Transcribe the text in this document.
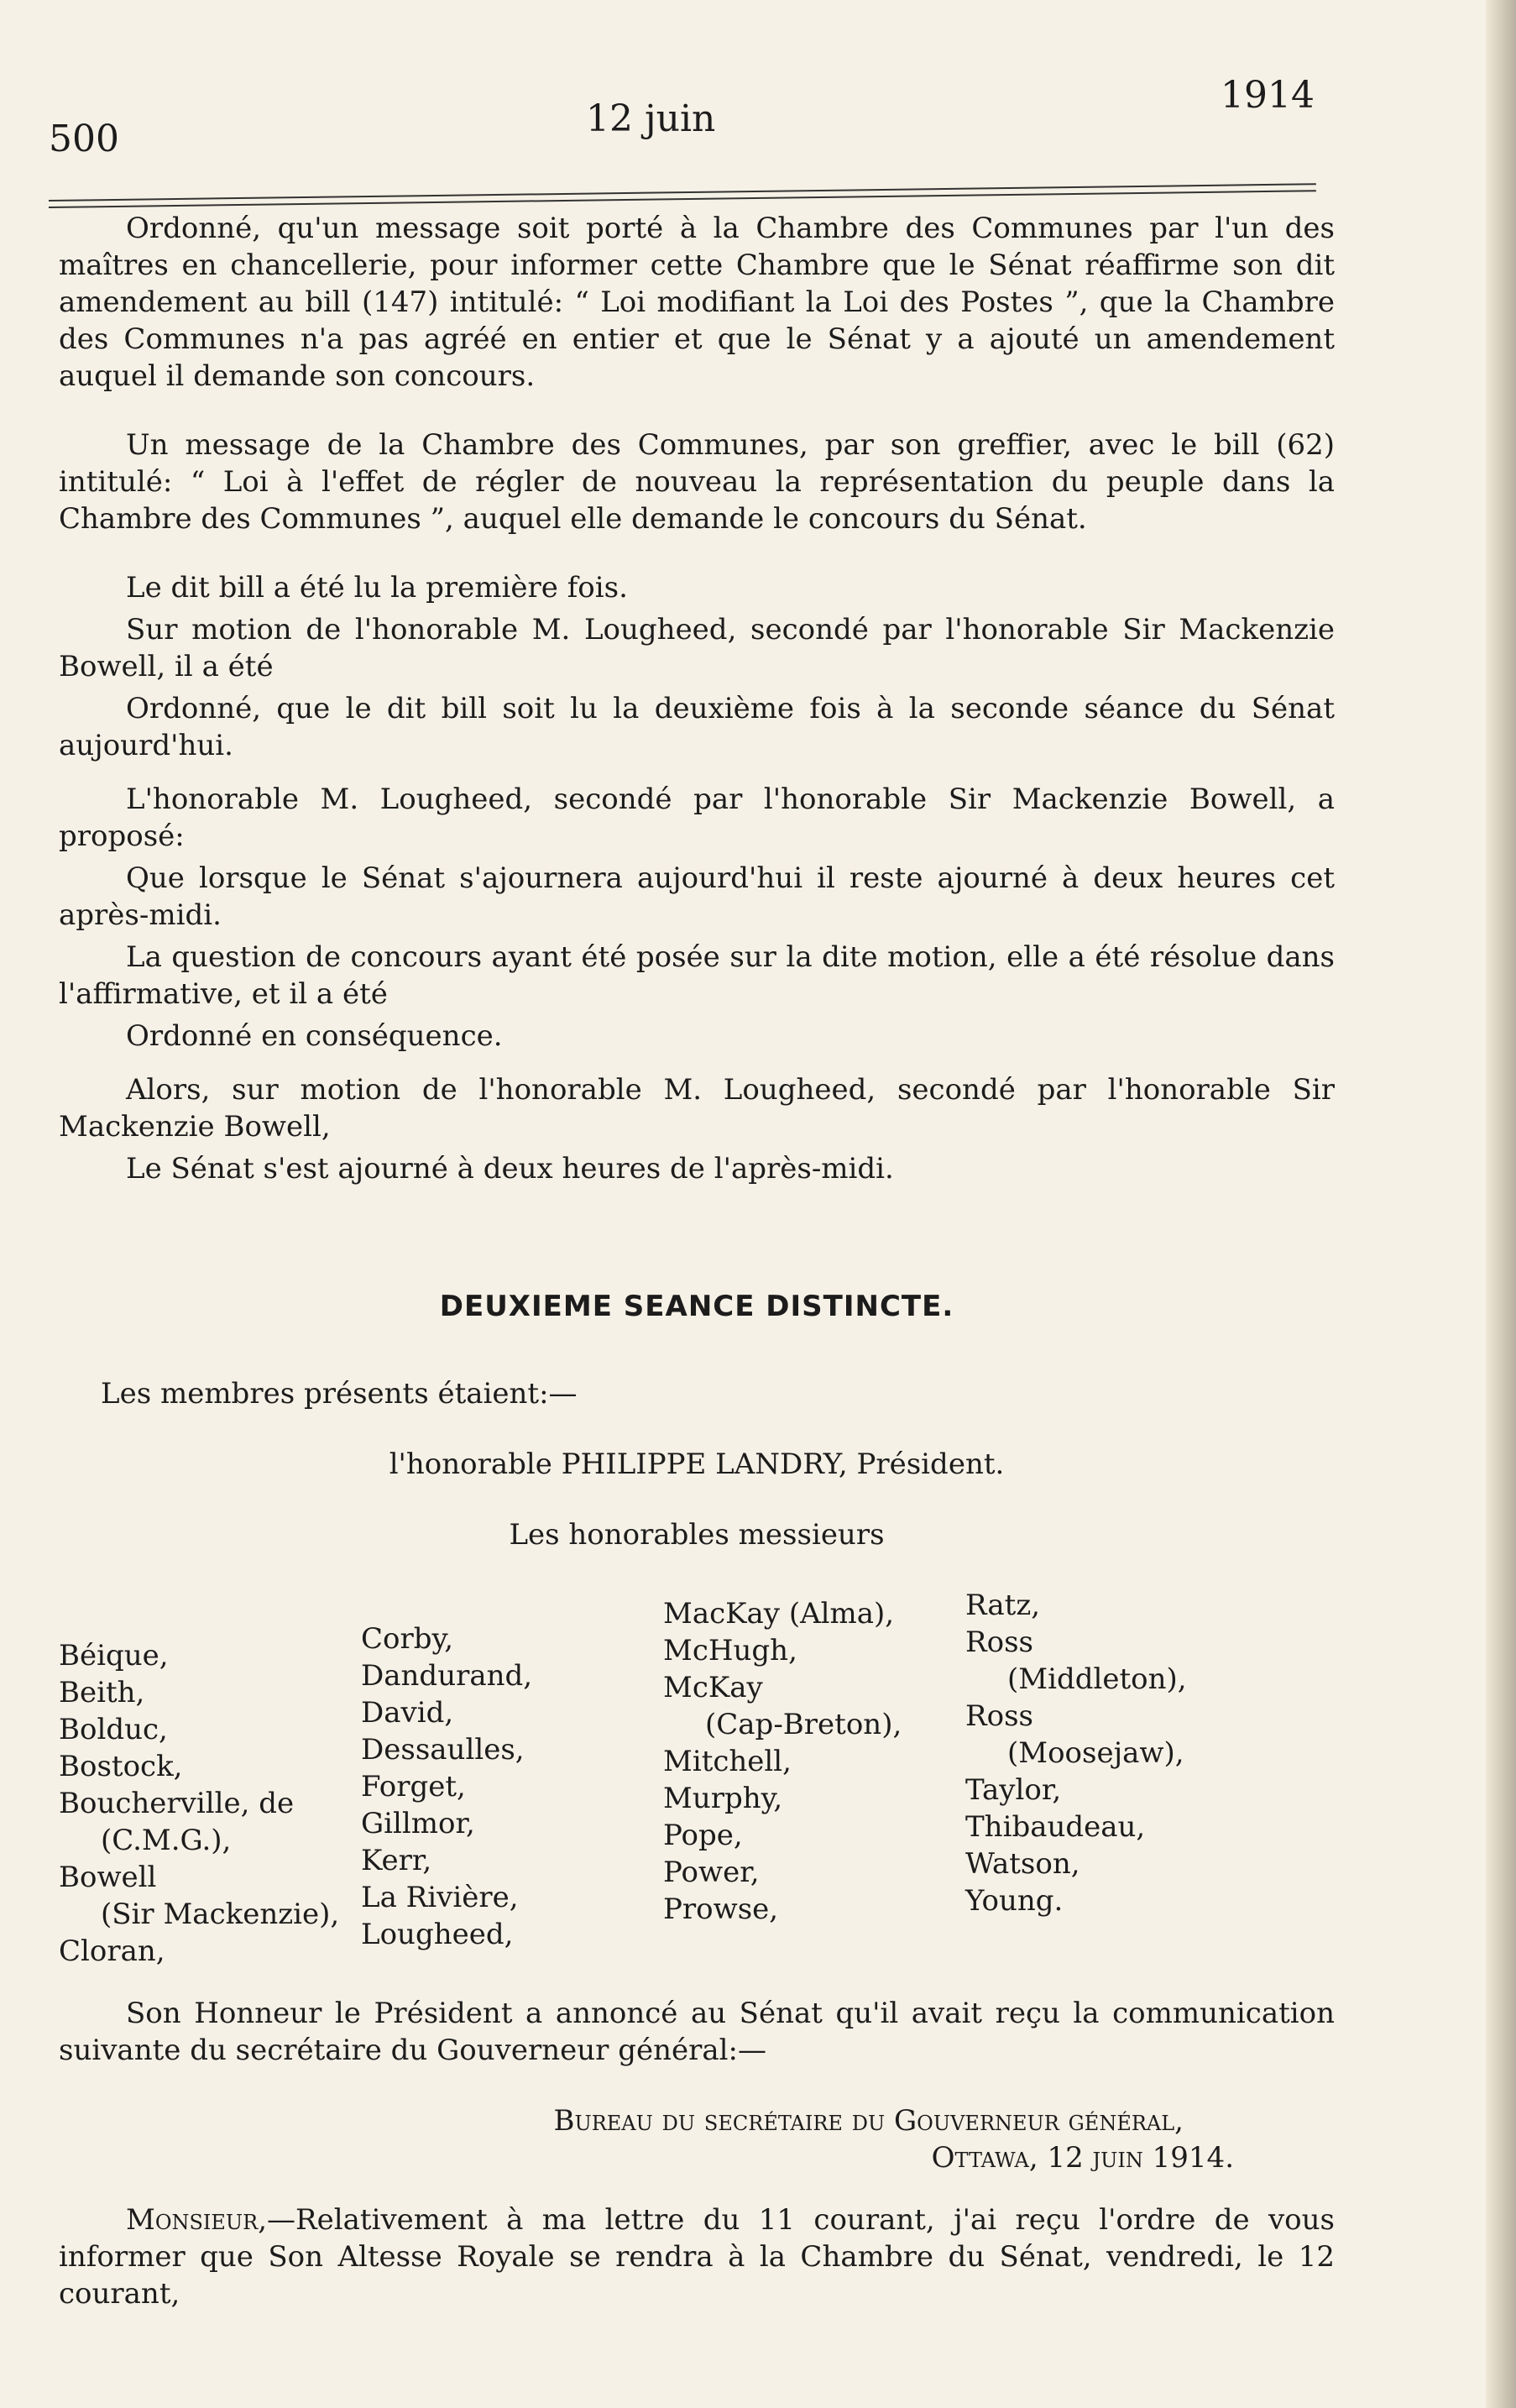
500	12 juin
1914

Ordonné, qu'un message soit porté à la Chambre des Communes par l'un des maîtres en chancellerie, pour informer cette Chambre que le Sénat réaffirme son dit amendement au bill (147) intitulé: “ Loi modifiant la Loi des Postes ”, que la Chambre des Communes n'a pas agréé en entier et que le Sénat y a ajouté un amendement auquel il demande son concours.

Un message de la Chambre des Communes, par son greffier, avec le bill (62) intitulé: “ Loi à l'effet de régler de nouveau la représentation du peuple dans la Chambre des Communes ”, auquel elle demande le concours du Sénat.

Le dit bill a été lu la première fois.

Sur motion de l'honorable M. Lougheed, secondé par l'honorable Sir Mackenzie Bowell, il a été

Ordonné, que le dit bill soit lu la deuxième fois à la seconde séance du Sénat aujourd'hui.

L'honorable M. Lougheed, secondé par l'honorable Sir Mackenzie Bowell, a proposé:

Que lorsque le Sénat s'ajournera aujourd'hui il reste ajourné à deux heures cet après-midi.

La question de concours ayant été posée sur la dite motion, elle a été résolue dans l'affirmative, et il a été

Ordonné en conséquence.

Alors, sur motion de l'honorable M. Lougheed, secondé par l'honorable Sir Mackenzie Bowell,

Le Sénat s'est ajourné à deux heures de l'après-midi.

DEUXIEME SEANCE DISTINCTE.

Les membres présents étaient:—

l'honorable PHILIPPE LANDRY, Président.
Les honorables messieurs
Béique,
Beith,
Bolduc,
Bostock,
Boucherville, de
(C.M.G.),
Bowell
(Sir Mackenzie),
Cloran,
Corby,
Dandurand,
David,
Dessaulles,
Forget,
Gillmor,
Kerr,
La Rivière,
Lougheed,
MacKay (Alma),
McHugh,
McKay
(Cap-Breton),
Mitchell,
Murphy,
Pope,
Power,
Prowse,
Ratz,
Ross
(Middleton),
Ross
(Moosejaw),
Taylor,
Thibaudeau,
Watson,
Young.

Son Honneur le Président a annoncé au Sénat qu'il avait reçu la communication suivante du secrétaire du Gouverneur général:—

Bureau du secrétaire du Gouverneur général,
Ottawa, 12 juin 1914.

Monsieur,—Relativement à ma lettre du 11 courant, j'ai reçu l'ordre de vous informer que Son Altesse Royale se rendra à la Chambre du Sénat, vendredi, le 12 courant,
